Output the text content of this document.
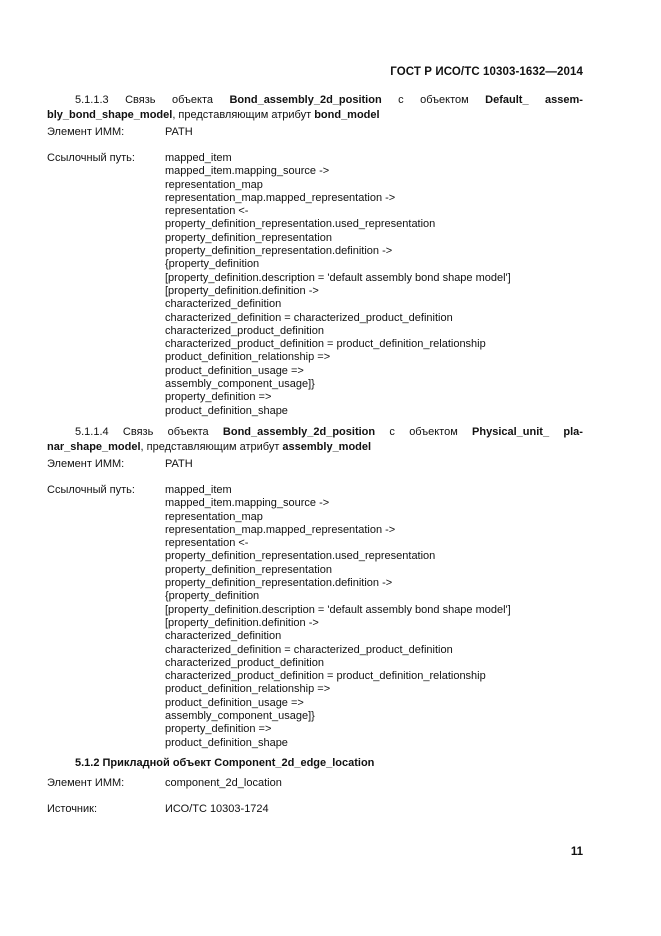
ГОСТ Р ИСО/ТС 10303-1632—2014
5.1.1.3 Связь объекта Bond_assembly_2d_position с объектом Default_ assem-
bly_bond_shape_model, представляющим атрибут bond_model
Элемент ИММ:	PATH
Ссылочный путь:	mapped_item
mapped_item.mapping_source ->
representation_map
representation_map.mapped_representation ->
representation <-
property_definition_representation.used_representation
property_definition_representation
property_definition_representation.definition ->
{property_definition
[property_definition.description = 'default assembly bond shape model']
[property_definition.definition ->
characterized_definition
characterized_definition = characterized_product_definition
characterized_product_definition
characterized_product_definition = product_definition_relationship
product_definition_relationship =>
product_definition_usage =>
assembly_component_usage]}
property_definition =>
product_definition_shape
5.1.1.4 Связь объекта Bond_assembly_2d_position с объектом Physical_unit_ pla-
nar_shape_model, представляющим атрибут assembly_model
Элемент ИММ:	PATH
Ссылочный путь:	mapped_item
mapped_item.mapping_source ->
representation_map
representation_map.mapped_representation ->
representation <-
property_definition_representation.used_representation
property_definition_representation
property_definition_representation.definition ->
{property_definition
[property_definition.description = 'default assembly bond shape model']
[property_definition.definition ->
characterized_definition
characterized_definition = characterized_product_definition
characterized_product_definition
characterized_product_definition = product_definition_relationship
product_definition_relationship =>
product_definition_usage =>
assembly_component_usage]}
property_definition =>
product_definition_shape
5.1.2 Прикладной объект Component_2d_edge_location
Элемент ИММ:	component_2d_location
Источник:	ИСО/ТС 10303-1724
11
